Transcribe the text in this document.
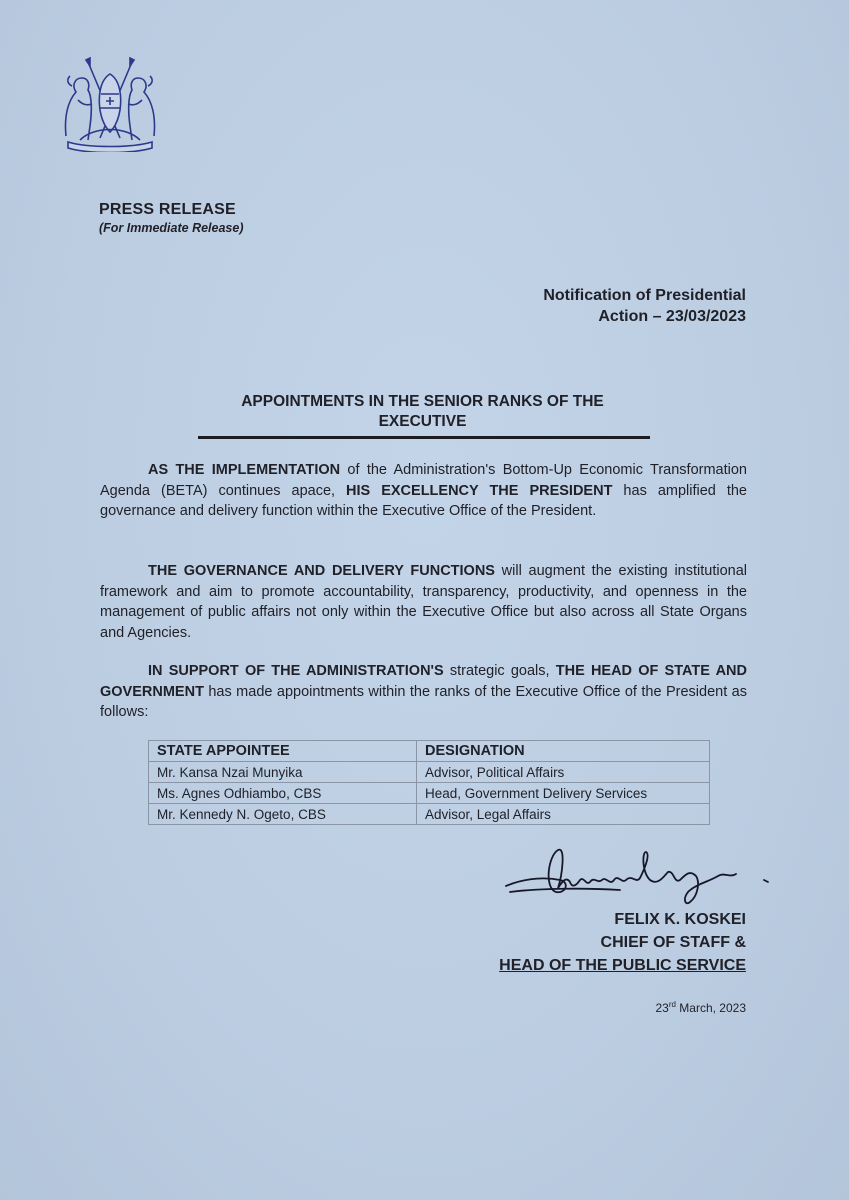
PRESS RELEASE
(For Immediate Release)
Notification of Presidential
Action – 23/03/2023
APPOINTMENTS IN THE SENIOR RANKS OF THE
EXECUTIVE
AS THE IMPLEMENTATION of the Administration's Bottom-Up Economic Transformation Agenda (BETA) continues apace, HIS EXCELLENCY THE PRESIDENT has amplified the governance and delivery function within the Executive Office of the President.
THE GOVERNANCE AND DELIVERY FUNCTIONS will augment the existing institutional framework and aim to promote accountability, transparency, productivity, and openness in the management of public affairs not only within the Executive Office but also across all State Organs and Agencies.
IN SUPPORT OF THE ADMINISTRATION'S strategic goals, THE HEAD OF STATE AND GOVERNMENT has made appointments within the ranks of the Executive Office of the President as follows:
STATE APPOINTEE	DESIGNATION
Mr. Kansa Nzai Munyika	Advisor, Political Affairs
Ms. Agnes Odhiambo, CBS	Head, Government Delivery Services
Mr. Kennedy N. Ogeto, CBS	Advisor, Legal Affairs
FELIX K. KOSKEI
CHIEF OF STAFF &
HEAD OF THE PUBLIC SERVICE
23rd March, 2023
